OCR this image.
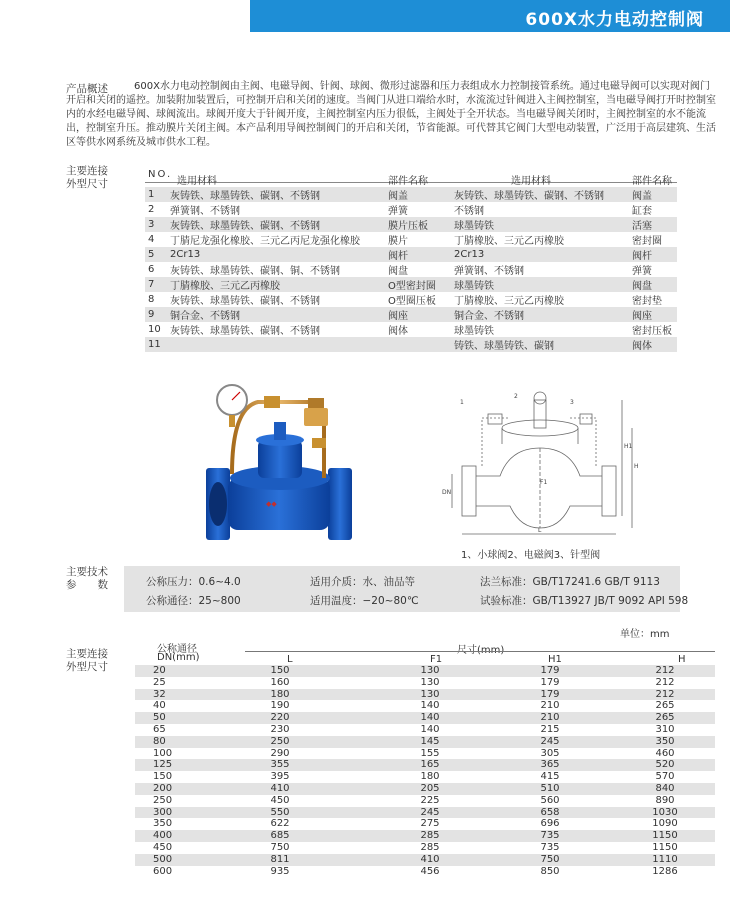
600X水力电动控制阀
产品概述	600X水力电动控制阀由主阀、电磁导阀、针阀、球阀、微形过滤器和压力表组成水力控制接管系统。通过电磁导阀可以实现对阀门开启和关闭的遥控。加装附加装置后，可控制开启和关闭的速度。当阀门从进口端给水时，水流流过针阀进入主阀控制室，当电磁导阀打开时控制室内的水经电磁导阀、球阀流出。球阀开度大于针阀开度，主阀控制室内压力很低，主阀处于全开状态。当电磁导阀关闭时，主阀控制室的水不能流出，控制室升压。推动膜片关闭主阀。本产品利用导阀控制阀门的开启和关闭，节省能源。可代替其它阀门大型电动装置，广泛用于高层建筑、生活区等供水网系统及城市供水工程。
主要连接
外型尺寸
NO.
	选用材料	部件名称	选用材料	部件名称
1	灰铸铁、球墨铸铁、碳钢、不锈钢	阀盖	灰铸铁、球墨铸铁、碳钢、不锈钢	阀盖
2	弹簧钢、不锈钢	弹簧	不锈钢	缸套
3	灰铸铁、球墨铸铁、碳钢、不锈钢	膜片压板	球墨铸铁	活塞
4	丁腈尼龙强化橡胶、三元乙丙尼龙强化橡胶	膜片	丁腈橡胶、三元乙丙橡胶	密封圈
5	2Cr13	阀杆	2Cr13	阀杆
6	灰铸铁、球墨铸铁、碳钢、铜、不锈钢	阀盘	弹簧钢、不锈钢	弹簧
7	丁腈橡胶、三元乙丙橡胶	O型密封圈	球墨铸铁	阀盘
8	灰铸铁、球墨铸铁、碳钢、不锈钢	O型圈压板	丁腈橡胶、三元乙丙橡胶	密封垫
9	铜合金、不锈钢	阀座	铜合金、不锈钢	阀座
10	灰铸铁、球墨铸铁、碳钢、不锈钢	阀体	球墨铸铁	密封压板
11			铸铁、球墨铸铁、碳钢	阀体
◆◆
1
2
3
DN
F1
H1
H
L
1、小球阀2、电磁阀3、针型阀
主要技术
参　　数	公称压力：0.6~4.0
公称通径：25~800
适用介质：水、油品等
适用温度：−20~80℃
法兰标准：GB/T17241.6 GB/T 9113
试验标准：GB/T13927 JB/T 9092 API 598
单位：mm
主要连接
外型尺寸
公称通径
DN(mm)
尺寸(mm)
L	F1	H1	H
20	150	130	179	212
25	160	130	179	212
32	180	130	179	212
40	190	140	210	265
50	220	140	210	265
65	230	140	215	310
80	250	145	245	350
100	290	155	305	460
125	355	165	365	520
150	395	180	415	570
200	410	205	510	840
250	450	225	560	890
300	550	245	658	1030
350	622	275	696	1090
400	685	285	735	1150
450	750	285	735	1150
500	811	410	750	1110
600	935	456	850	1286
